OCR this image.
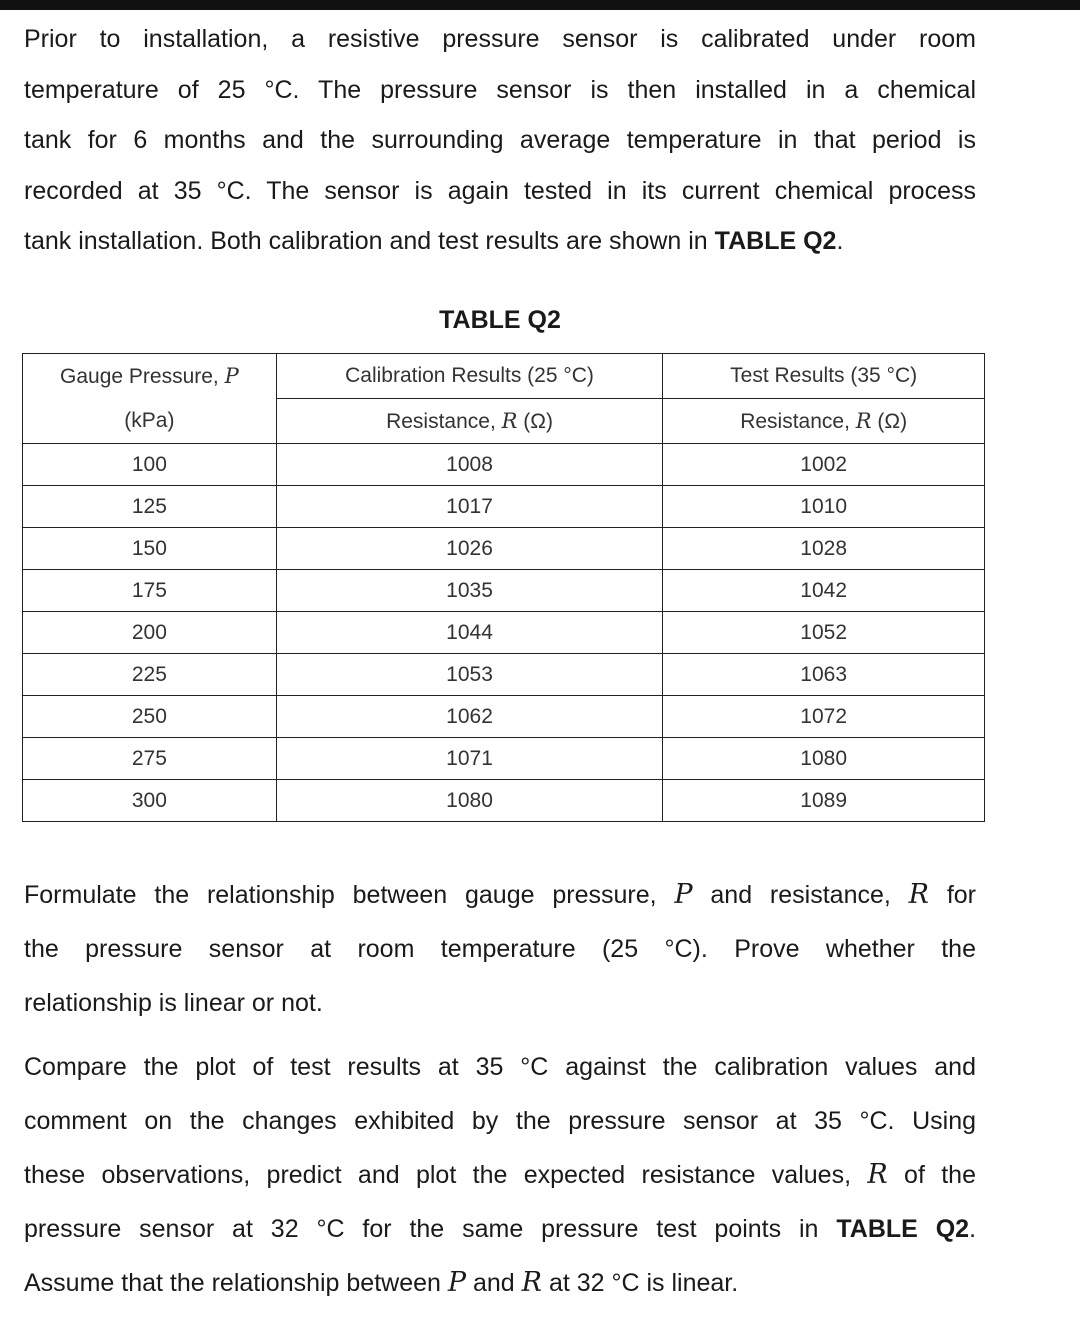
Prior to installation, a resistive pressure sensor is calibrated under room
temperature of 25 °C. The pressure sensor is then installed in a chemical
tank for 6 months and the surrounding average temperature in that period is
recorded at 35 °C. The sensor is again tested in its current chemical process
tank installation. Both calibration and test results are shown in TABLE Q2.
TABLE Q2
Gauge Pressure, P	Calibration Results (25 °C)	Test Results (35 °C)
(kPa)	Resistance, R (Ω)	Resistance, R (Ω)
100	1008	1002
125	1017	1010
150	1026	1028
175	1035	1042
200	1044	1052
225	1053	1063
250	1062	1072
275	1071	1080
300	1080	1089
Formulate the relationship between gauge pressure, P and resistance, R for
the pressure sensor at room temperature (25 °C). Prove whether the
relationship is linear or not.
Compare the plot of test results at 35 °C against the calibration values and
comment on the changes exhibited by the pressure sensor at 35 °C. Using
these observations, predict and plot the expected resistance values, R of the
pressure sensor at 32 °C for the same pressure test points in TABLE Q2.
Assume that the relationship between P and R at 32 °C is linear.
